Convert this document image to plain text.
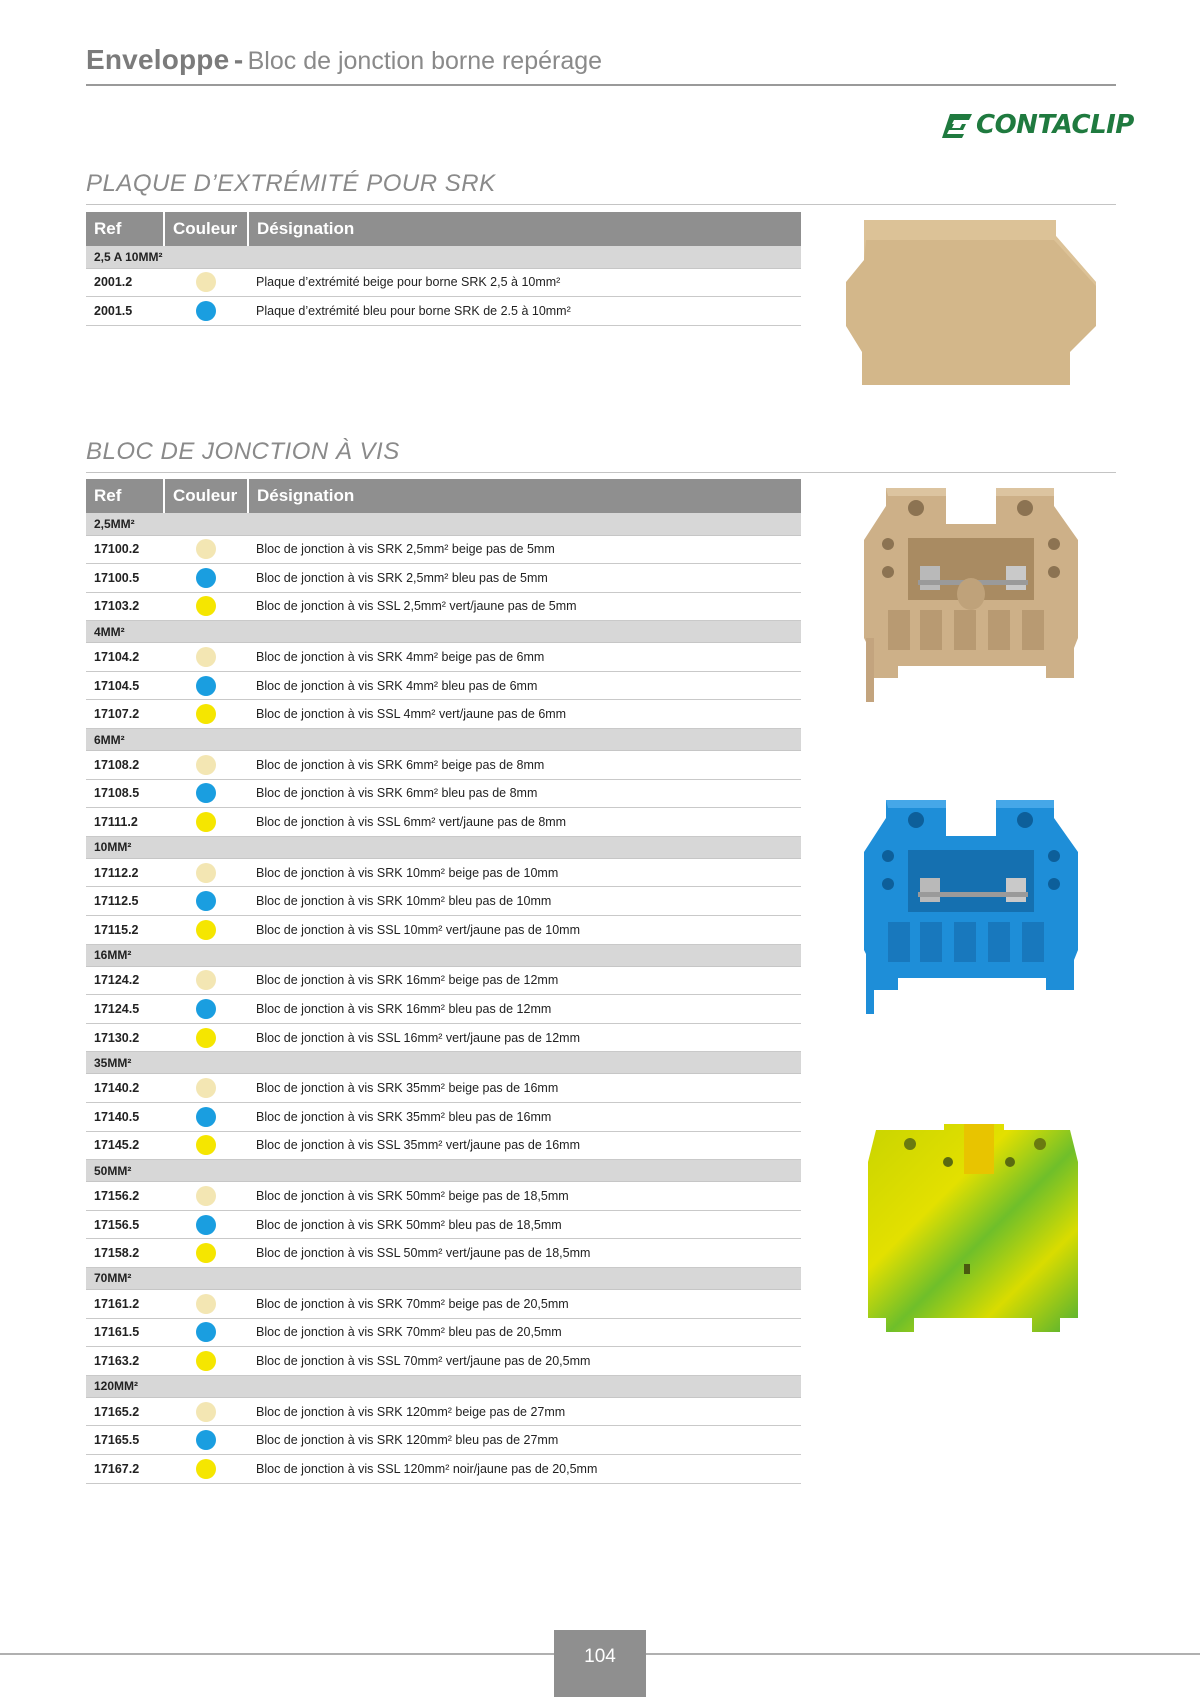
Enveloppe - Bloc de jonction borne repérage
CONTACLIP
PLAQUE D’EXTRÉMITÉ POUR SRK
Ref	Couleur	Désignation
2,5 A 10MM²		
2001.2		Plaque d’extrémité beige pour borne SRK 2,5 à 10mm²
2001.5		Plaque d’extrémité bleu pour borne SRK de 2.5 à 10mm²
BLOC DE JONCTION À VIS
Ref	Couleur	Désignation
2,5MM²		
17100.2		Bloc de jonction à vis SRK 2,5mm² beige pas de 5mm
17100.5		Bloc de jonction à vis SRK 2,5mm² bleu pas de 5mm
17103.2		Bloc de jonction à vis SSL 2,5mm² vert/jaune pas de 5mm
4MM²		
17104.2		Bloc de jonction à vis SRK 4mm² beige pas de 6mm
17104.5		Bloc de jonction à vis SRK 4mm² bleu pas de 6mm
17107.2		Bloc de jonction à vis SSL 4mm² vert/jaune pas de 6mm
6MM²		
17108.2		Bloc de jonction à vis SRK 6mm² beige pas de 8mm
17108.5		Bloc de jonction à vis SRK 6mm² bleu pas de 8mm
17111.2		Bloc de jonction à vis SSL 6mm² vert/jaune pas de 8mm
10MM²		
17112.2		Bloc de jonction à vis SRK 10mm² beige pas de 10mm
17112.5		Bloc de jonction à vis SRK 10mm² bleu pas de 10mm
17115.2		Bloc de jonction à vis SSL 10mm² vert/jaune pas de 10mm
16MM²		
17124.2		Bloc de jonction à vis SRK 16mm² beige pas de 12mm
17124.5		Bloc de jonction à vis SRK 16mm² bleu pas de 12mm
17130.2		Bloc de jonction à vis SSL 16mm² vert/jaune pas de 12mm
35MM²		
17140.2		Bloc de jonction à vis SRK 35mm² beige pas de 16mm
17140.5		Bloc de jonction à vis SRK 35mm² bleu pas de 16mm
17145.2		Bloc de jonction à vis SSL 35mm² vert/jaune pas de 16mm
50MM²		
17156.2		Bloc de jonction à vis SRK 50mm² beige pas de 18,5mm
17156.5		Bloc de jonction à vis SRK 50mm² bleu pas de 18,5mm
17158.2		Bloc de jonction à vis SSL 50mm² vert/jaune pas de 18,5mm
70MM²		
17161.2		Bloc de jonction à vis SRK 70mm² beige pas de 20,5mm
17161.5		Bloc de jonction à vis SRK 70mm² bleu pas de 20,5mm
17163.2		Bloc de jonction à vis SSL 70mm² vert/jaune pas de 20,5mm
120MM²		
17165.2		Bloc de jonction à vis SRK 120mm² beige pas de 27mm
17165.5		Bloc de jonction à vis SRK 120mm² bleu pas de 27mm
17167.2		Bloc de jonction à vis SSL 120mm² noir/jaune pas de 20,5mm
104
